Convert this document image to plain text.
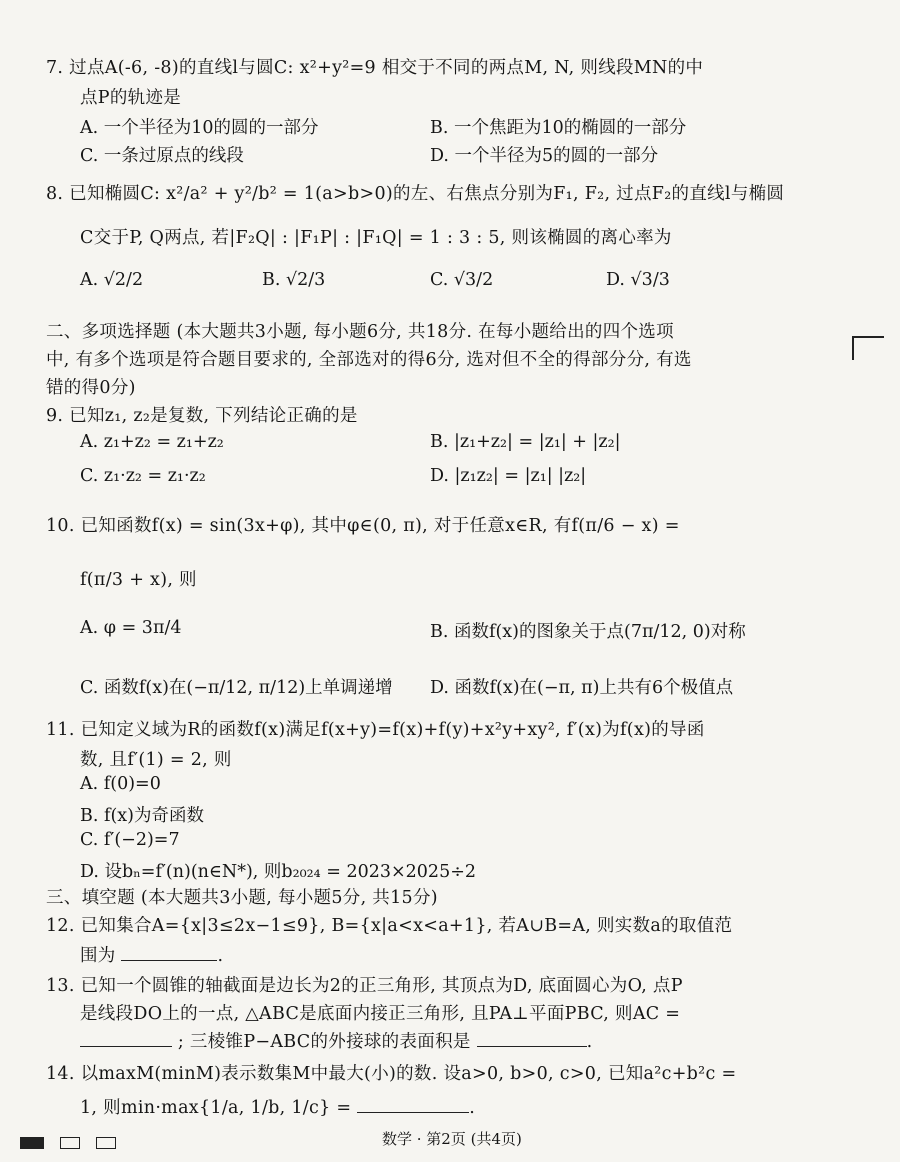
7. 过点A(-6, -8)的直线l与圆C: x²+y²=9 相交于不同的两点M, N, 则线段MN的中
点P的轨迹是
A. 一个半径为10的圆的一部分	B. 一个焦距为10的椭圆的一部分
C. 一条过原点的线段	D. 一个半径为5的圆的一部分
8. 已知椭圆C: x²/a² + y²/b² = 1(a>b>0)的左、右焦点分别为F₁, F₂, 过点F₂的直线l与椭圆
C交于P, Q两点, 若|F₂Q| : |F₁P| : |F₁Q| = 1 : 3 : 5, 则该椭圆的离心率为
A. √2/2	B. √2/3	C. √3/2	D. √3/3
二、多项选择题 (本大题共3小题, 每小题6分, 共18分. 在每小题给出的四个选项
中, 有多个选项是符合题目要求的, 全部选对的得6分, 选对但不全的得部分分, 有选
错的得0分)
9. 已知z₁, z₂是复数, 下列结论正确的是
A. z₁+z₂ = z₁+z₂	B. |z₁+z₂| = |z₁| + |z₂|
C. z₁·z₂ = z₁·z₂	D. |z₁z₂| = |z₁| |z₂|
10. 已知函数f(x) = sin(3x+φ), 其中φ∈(0, π), 对于任意x∈R, 有f(π/6 − x) =
f(π/3 + x), 则
A. φ = 3π/4	B. 函数f(x)的图象关于点(7π/12, 0)对称
C. 函数f(x)在(−π/12, π/12)上单调递增 D. 函数f(x)在(−π, π)上共有6个极值点
11. 已知定义域为R的函数f(x)满足f(x+y)=f(x)+f(y)+x²y+xy², f′(x)为f(x)的导函
数, 且f′(1) = 2, 则
A. f(0)=0
B. f(x)为奇函数
C. f′(−2)=7
D. 设bₙ=f′(n)(n∈N*), 则b₂₀₂₄ = 2023×2025÷2
三、填空题 (本大题共3小题, 每小题5分, 共15分)
12. 已知集合A={x|3≤2x−1≤9}, B={x|a<x<a+1}, 若A∪B=A, 则实数a的取值范
围为	.
13. 已知一个圆锥的轴截面是边长为2的正三角形, 其顶点为D, 底面圆心为O, 点P
是线段DO上的一点, △ABC是底面内接正三角形, 且PA⊥平面PBC, 则AC =
; 三棱锥P−ABC的外接球的表面积是	.
14. 以maxM(minM)表示数集M中最大(小)的数. 设a>0, b>0, c>0, 已知a²c+b²c =
1, 则min·max{1/a, 1/b, 1/c} =	.
数学 · 第2页 (共4页)
